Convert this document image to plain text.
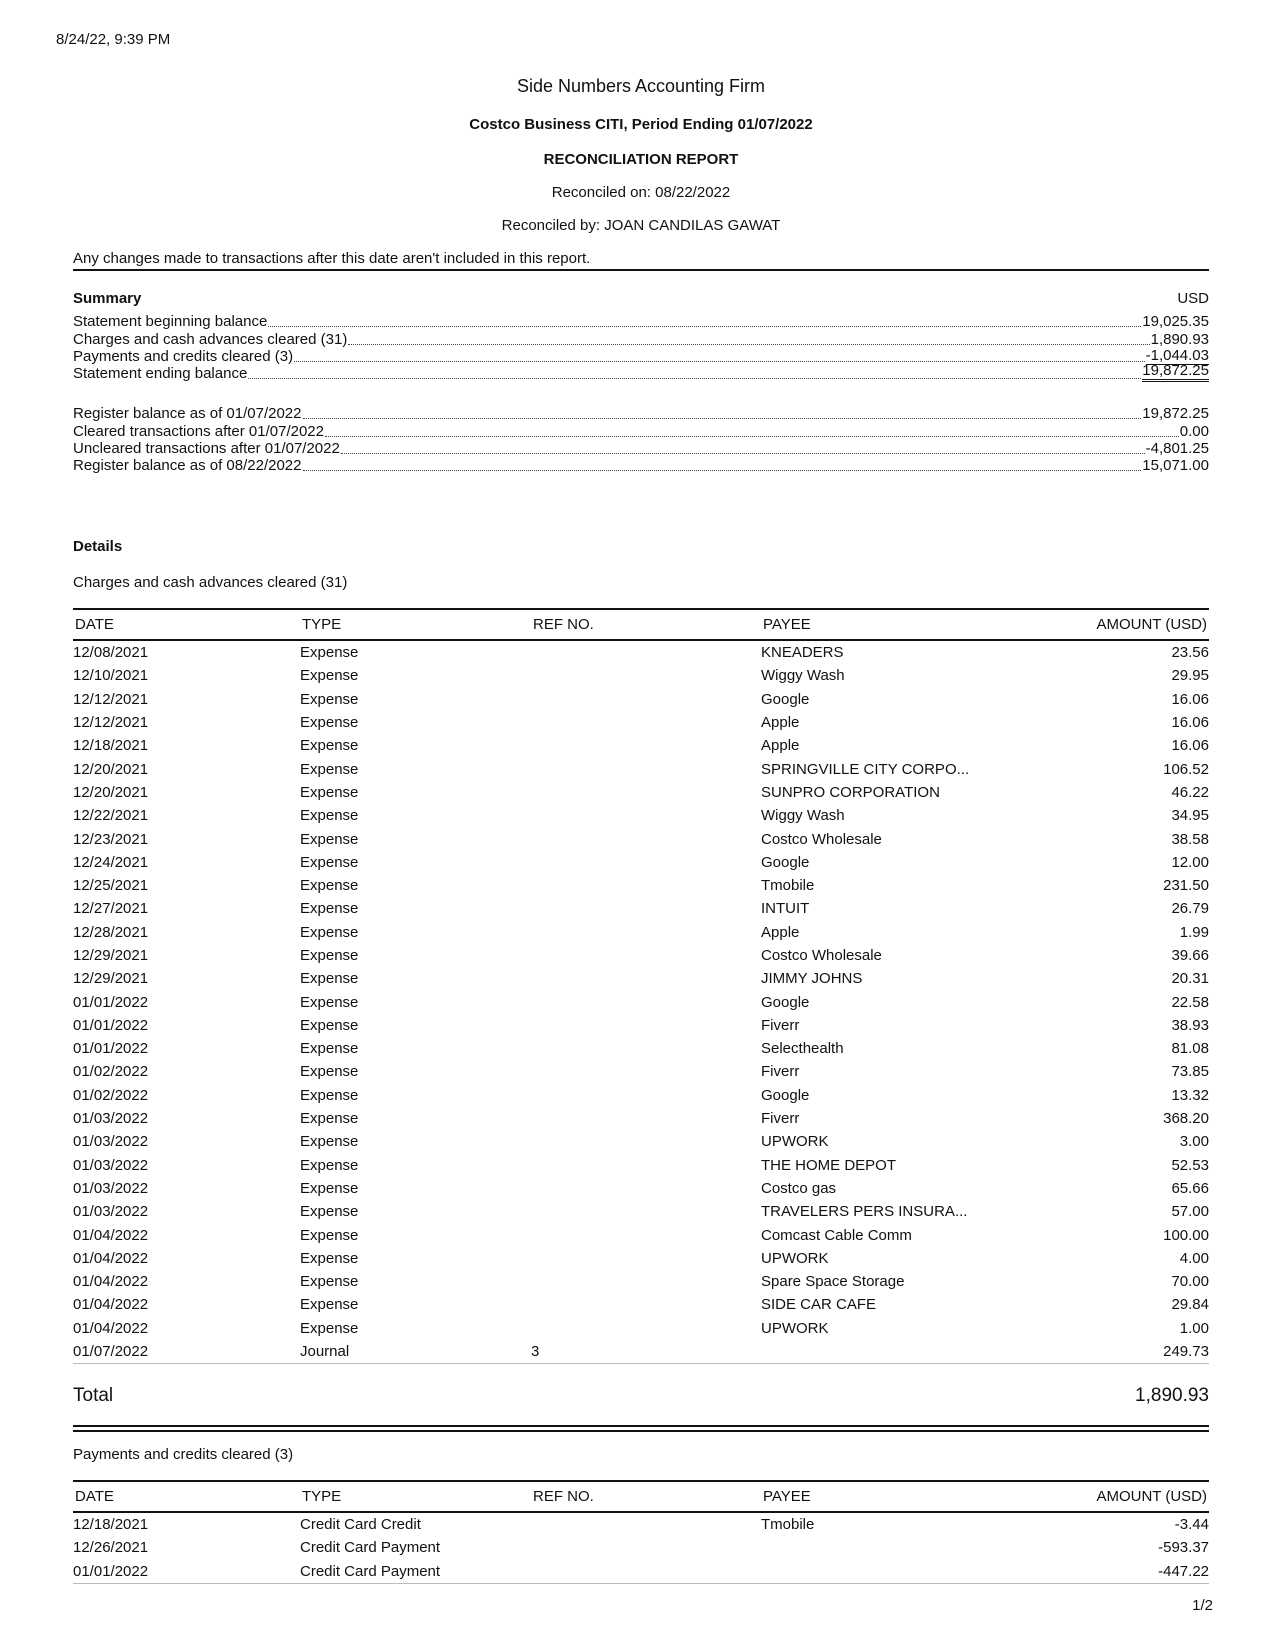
8/24/22, 9:39 PM
Side Numbers Accounting Firm
Costco Business CITI, Period Ending 01/07/2022
RECONCILIATION REPORT
Reconciled on: 08/22/2022
Reconciled by: JOAN CANDILAS GAWAT
Any changes made to transactions after this date aren't included in this report.
Summary	USD
Statement beginning balance	19,025.35
Charges and cash advances cleared (31)	1,890.93
Payments and credits cleared (3)	-1,044.03
Statement ending balance	19,872.25
Register balance as of 01/07/2022	19,872.25
Cleared transactions after 01/07/2022	0.00
Uncleared transactions after 01/07/2022	-4,801.25
Register balance as of 08/22/2022	15,071.00
Details
Charges and cash advances cleared (31)
DATE	TYPE	REF NO.	PAYEE	AMOUNT (USD)
12/08/2021	Expense		KNEADERS	23.56
12/10/2021	Expense		Wiggy Wash	29.95
12/12/2021	Expense		Google	16.06
12/12/2021	Expense		Apple	16.06
12/18/2021	Expense		Apple	16.06
12/20/2021	Expense		SPRINGVILLE CITY CORPO...	106.52
12/20/2021	Expense		SUNPRO CORPORATION	46.22
12/22/2021	Expense		Wiggy Wash	34.95
12/23/2021	Expense		Costco Wholesale	38.58
12/24/2021	Expense		Google	12.00
12/25/2021	Expense		Tmobile	231.50
12/27/2021	Expense		INTUIT	26.79
12/28/2021	Expense		Apple	1.99
12/29/2021	Expense		Costco Wholesale	39.66
12/29/2021	Expense		JIMMY JOHNS	20.31
01/01/2022	Expense		Google	22.58
01/01/2022	Expense		Fiverr	38.93
01/01/2022	Expense		Selecthealth	81.08
01/02/2022	Expense		Fiverr	73.85
01/02/2022	Expense		Google	13.32
01/03/2022	Expense		Fiverr	368.20
01/03/2022	Expense		UPWORK	3.00
01/03/2022	Expense		THE HOME DEPOT	52.53
01/03/2022	Expense		Costco gas	65.66
01/03/2022	Expense		TRAVELERS PERS INSURA...	57.00
01/04/2022	Expense		Comcast Cable Comm	100.00
01/04/2022	Expense		UPWORK	4.00
01/04/2022	Expense		Spare Space Storage	70.00
01/04/2022	Expense		SIDE CAR CAFE	29.84
01/04/2022	Expense		UPWORK	1.00
01/07/2022	Journal	3		249.73
Total	1,890.93
Payments and credits cleared (3)
DATE	TYPE	REF NO.	PAYEE	AMOUNT (USD)
12/18/2021	Credit Card Credit		Tmobile	-3.44
12/26/2021	Credit Card Payment			-593.37
01/01/2022	Credit Card Payment			-447.22
1/2
